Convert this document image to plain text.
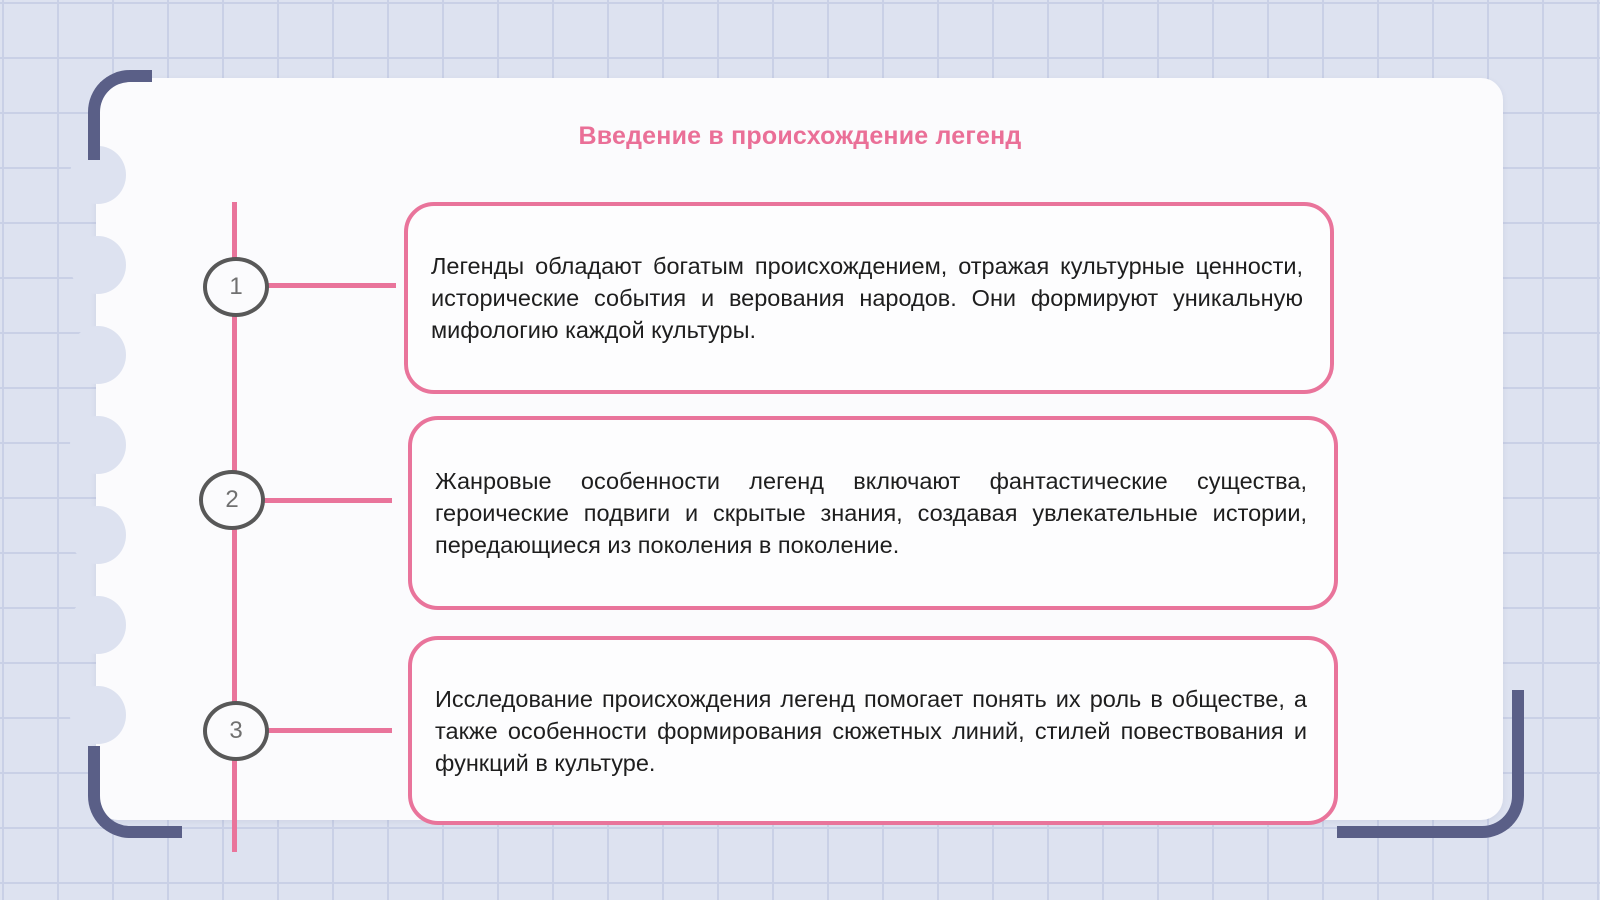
Введение в происхождение легенд
1
2
3
Легенды обладают богатым происхождением, отражая культурные ценности, исторические события и верования народов. Они формируют уникальную мифологию каждой культуры.
Жанровые особенности легенд включают фантастические существа, героические подвиги и скрытые знания, создавая увлекательные истории, передающиеся из поколения в поколение.
Исследование происхождения легенд помогает понять их роль в обществе, а также особенности формирования сюжетных линий, стилей повествования и функций в культуре.
